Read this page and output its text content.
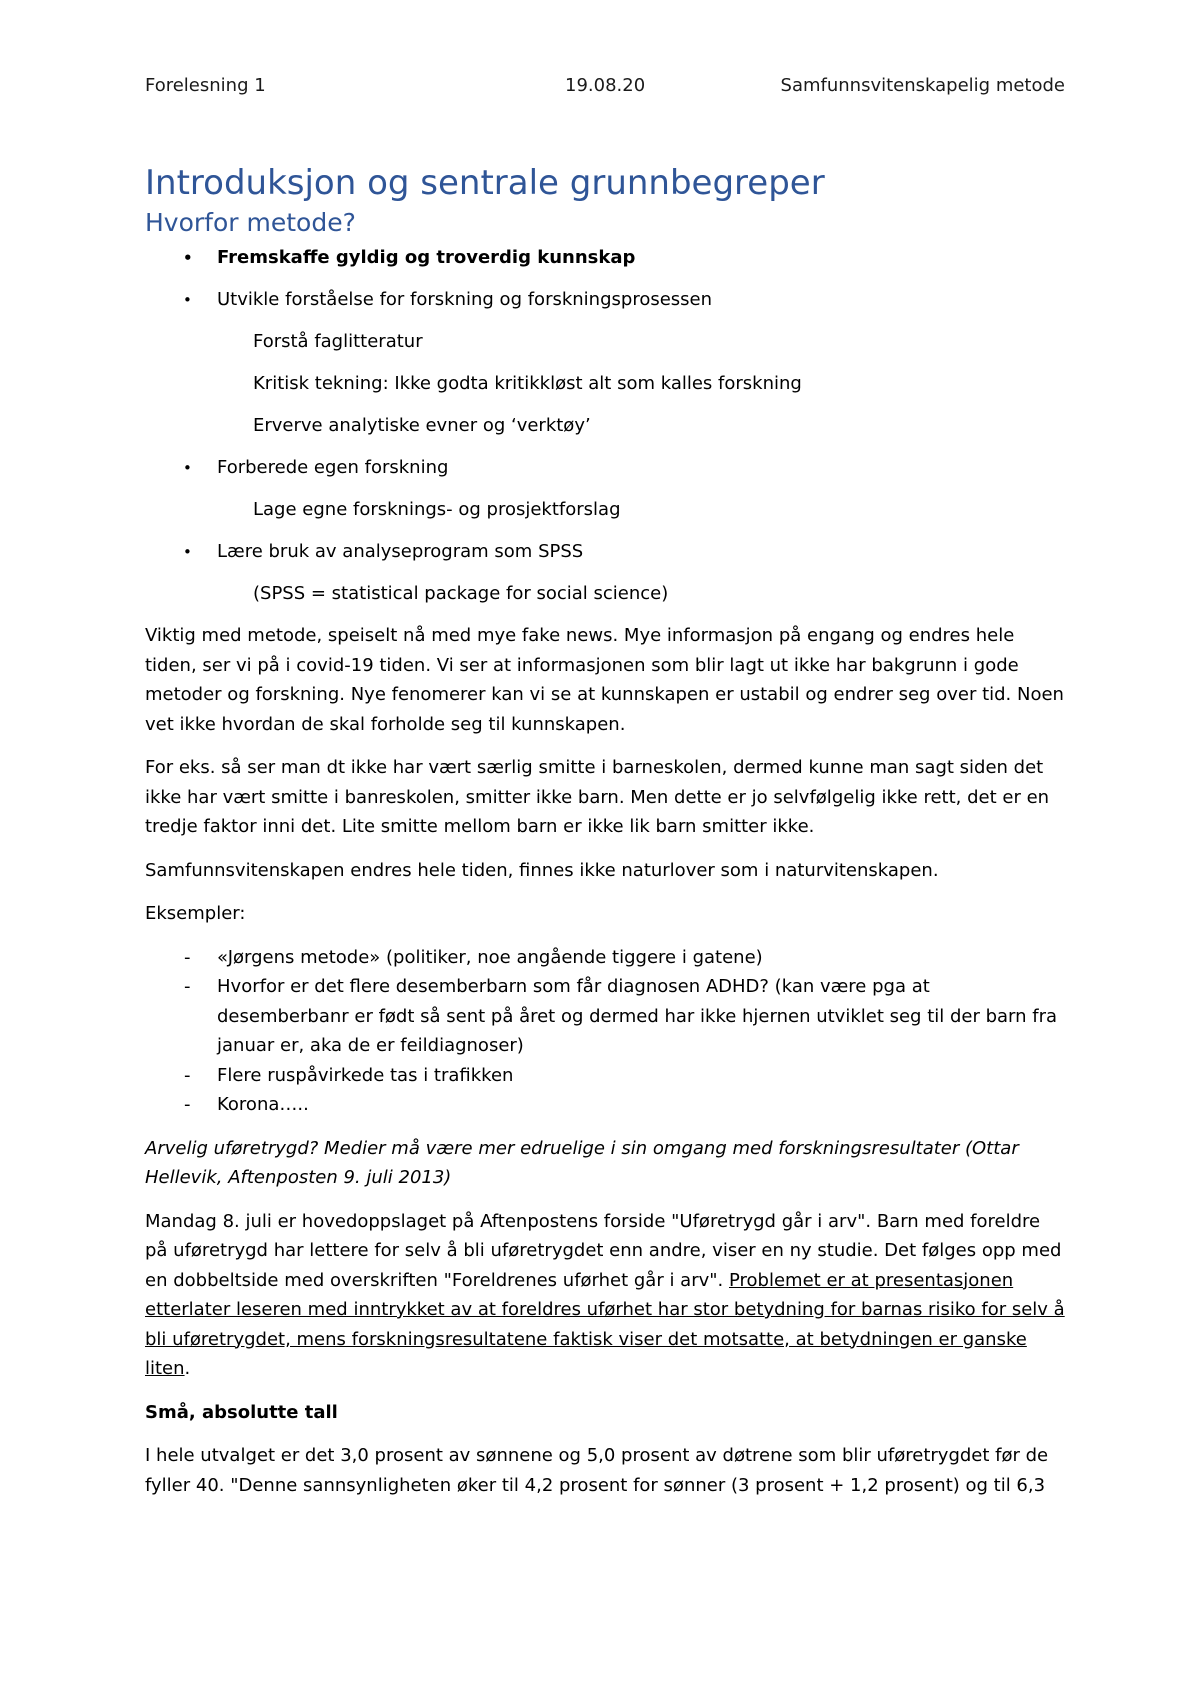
Forelesning 1	19.08.20	Samfunnsvitenskapelig metode
Introduksjon og sentrale grunnbegreper
Hvorfor metode?
• Fremskaffe gyldig og troverdig kunnskap
• Utvikle forståelse for forskning og forskningsprosessen
Forstå faglitteratur
Kritisk tekning: Ikke godta kritikkløst alt som kalles forskning
Erverve analytiske evner og ‘verktøy’
• Forberede egen forskning
Lage egne forsknings- og prosjektforslag
• Lære bruk av analyseprogram som SPSS
(SPSS = statistical package for social science)

Viktig med metode, speiselt nå med mye fake news. Mye informasjon på engang og endres hele tiden, ser vi på i covid-19 tiden. Vi ser at informasjonen som blir lagt ut ikke har bakgrunn i gode metoder og forskning. Nye fenomerer kan vi se at kunnskapen er ustabil og endrer seg over tid. Noen vet ikke hvordan de skal forholde seg til kunnskapen.

For eks. så ser man dt ikke har vært særlig smitte i barneskolen, dermed kunne man sagt siden det ikke har vært smitte i banreskolen, smitter ikke barn. Men dette er jo selvfølgelig ikke rett, det er en tredje faktor inni det. Lite smitte mellom barn er ikke lik barn smitter ikke.

Samfunnsvitenskapen endres hele tiden, finnes ikke naturlover som i naturvitenskapen.

Eksempler:

- «Jørgens metode» (politiker, noe angående tiggere i gatene)
- Hvorfor er det flere desemberbarn som får diagnosen ADHD? (kan være pga at desemberbanr er født så sent på året og dermed har ikke hjernen utviklet seg til der barn fra januar er, aka de er feildiagnoser)
- Flere ruspåvirkede tas i trafikken
- Korona…..

Arvelig uføretrygd? Medier må være mer edruelige i sin omgang med forskningsresultater (Ottar Hellevik, Aftenposten 9. juli 2013)

Mandag 8. juli er hovedoppslaget på Aftenpostens forside "Uføretrygd går i arv". Barn med foreldre på uføretrygd har lettere for selv å bli uføretrygdet enn andre, viser en ny studie. Det følges opp med en dobbeltside med overskriften "Foreldrenes uførhet går i arv". Problemet er at presentasjonen etterlater leseren med inntrykket av at foreldres uførhet har stor betydning for barnas risiko for selv å bli uføretrygdet, mens forskningsresultatene faktisk viser det motsatte, at betydningen er ganske liten.

Små, absolutte tall

I hele utvalget er det 3,0 prosent av sønnene og 5,0 prosent av døtrene som blir uføretrygdet før de fyller 40. "Denne sannsynligheten øker til 4,2 prosent for sønner (3 prosent + 1,2 prosent) og til 6,3
